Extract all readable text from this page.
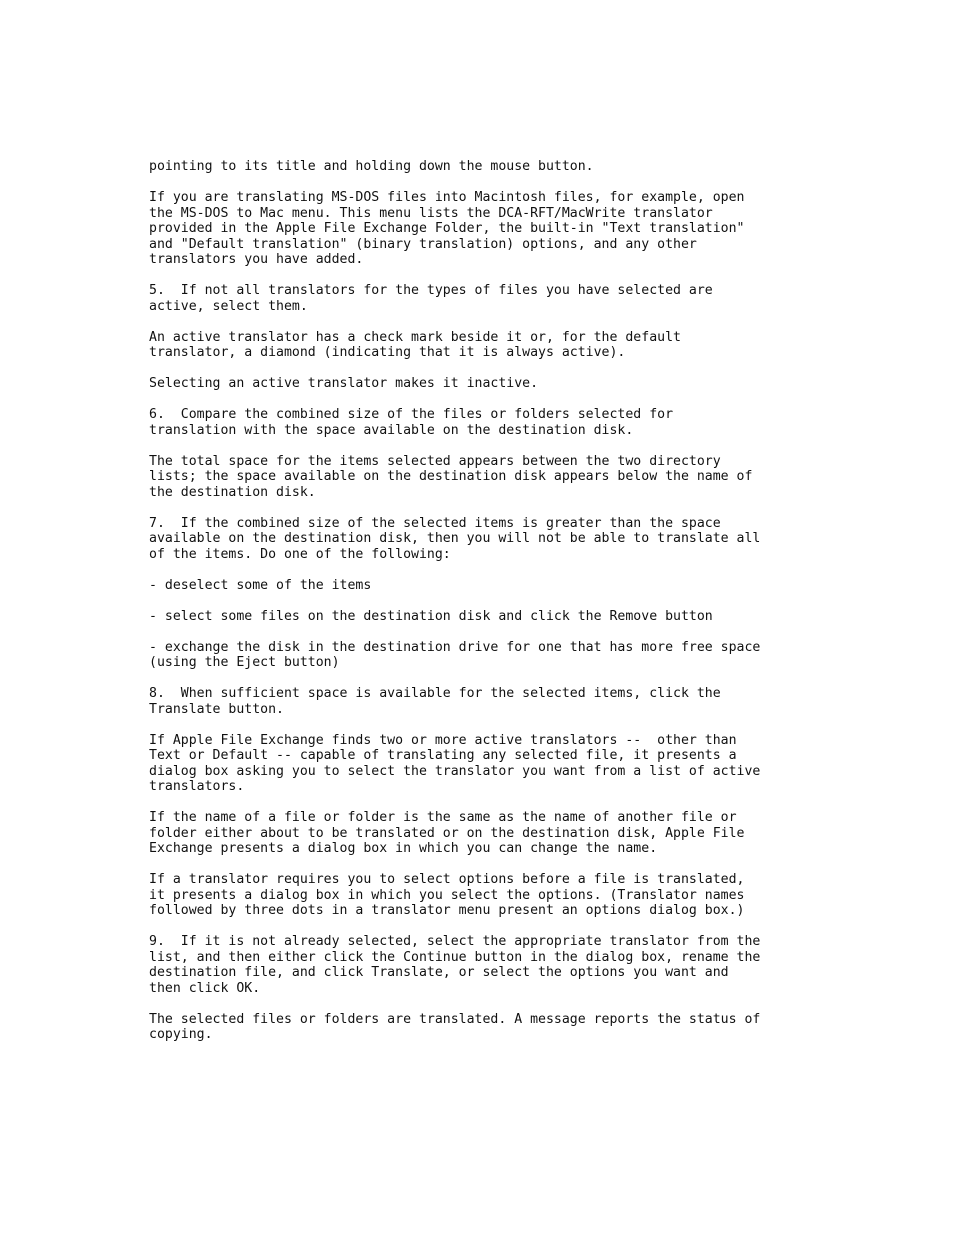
pointing to its title and holding down the mouse button.

If you are translating MS-DOS files into Macintosh files, for example, open
the MS-DOS to Mac menu. This menu lists the DCA-RFT/MacWrite translator
provided in the Apple File Exchange Folder, the built-in "Text translation"
and "Default translation" (binary translation) options, and any other
translators you have added.

5.  If not all translators for the types of files you have selected are
active, select them.

An active translator has a check mark beside it or, for the default
translator, a diamond (indicating that it is always active).

Selecting an active translator makes it inactive.

6.  Compare the combined size of the files or folders selected for
translation with the space available on the destination disk.

The total space for the items selected appears between the two directory
lists; the space available on the destination disk appears below the name of
the destination disk.

7.  If the combined size of the selected items is greater than the space
available on the destination disk, then you will not be able to translate all
of the items. Do one of the following:

- deselect some of the items

- select some files on the destination disk and click the Remove button

- exchange the disk in the destination drive for one that has more free space
(using the Eject button)

8.  When sufficient space is available for the selected items, click the
Translate button.

If Apple File Exchange finds two or more active translators --  other than
Text or Default -- capable of translating any selected file, it presents a
dialog box asking you to select the translator you want from a list of active
translators.

If the name of a file or folder is the same as the name of another file or
folder either about to be translated or on the destination disk, Apple File
Exchange presents a dialog box in which you can change the name.

If a translator requires you to select options before a file is translated,
it presents a dialog box in which you select the options. (Translator names
followed by three dots in a translator menu present an options dialog box.)

9.  If it is not already selected, select the appropriate translator from the
list, and then either click the Continue button in the dialog box, rename the
destination file, and click Translate, or select the options you want and
then click OK.

The selected files or folders are translated. A message reports the status of
copying.
